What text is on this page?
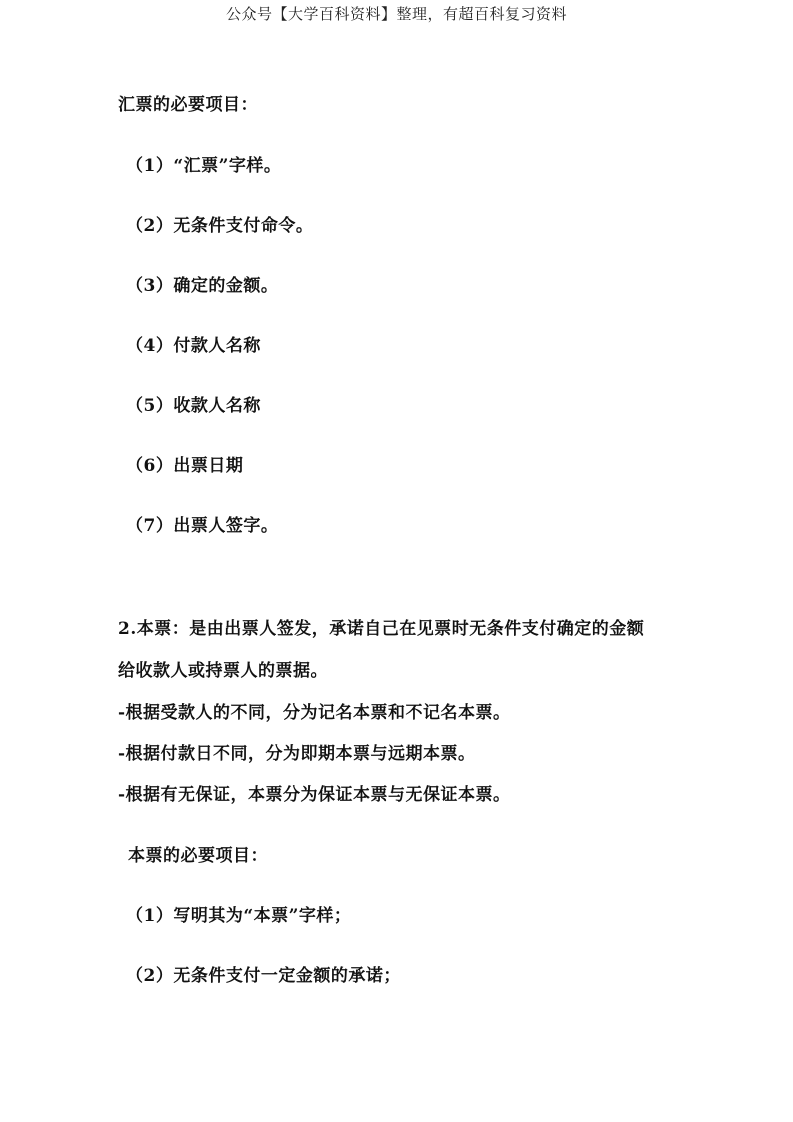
公众号【大学百科资料】整理，有超百科复习资料
汇票的必要项目：
（1）“汇票”字样。
（2）无条件支付命令。
（3）确定的金额。
（4）付款人名称
（5）收款人名称
（6）出票日期
（7）出票人签字。
2.本票：是由出票人签发，承诺自己在见票时无条件支付确定的金额
给收款人或持票人的票据。
-根据受款人的不同，分为记名本票和不记名本票。
-根据付款日不同，分为即期本票与远期本票。
-根据有无保证，本票分为保证本票与无保证本票。
本票的必要项目：
（1）写明其为“本票”字样；
（2）无条件支付一定金额的承诺；
